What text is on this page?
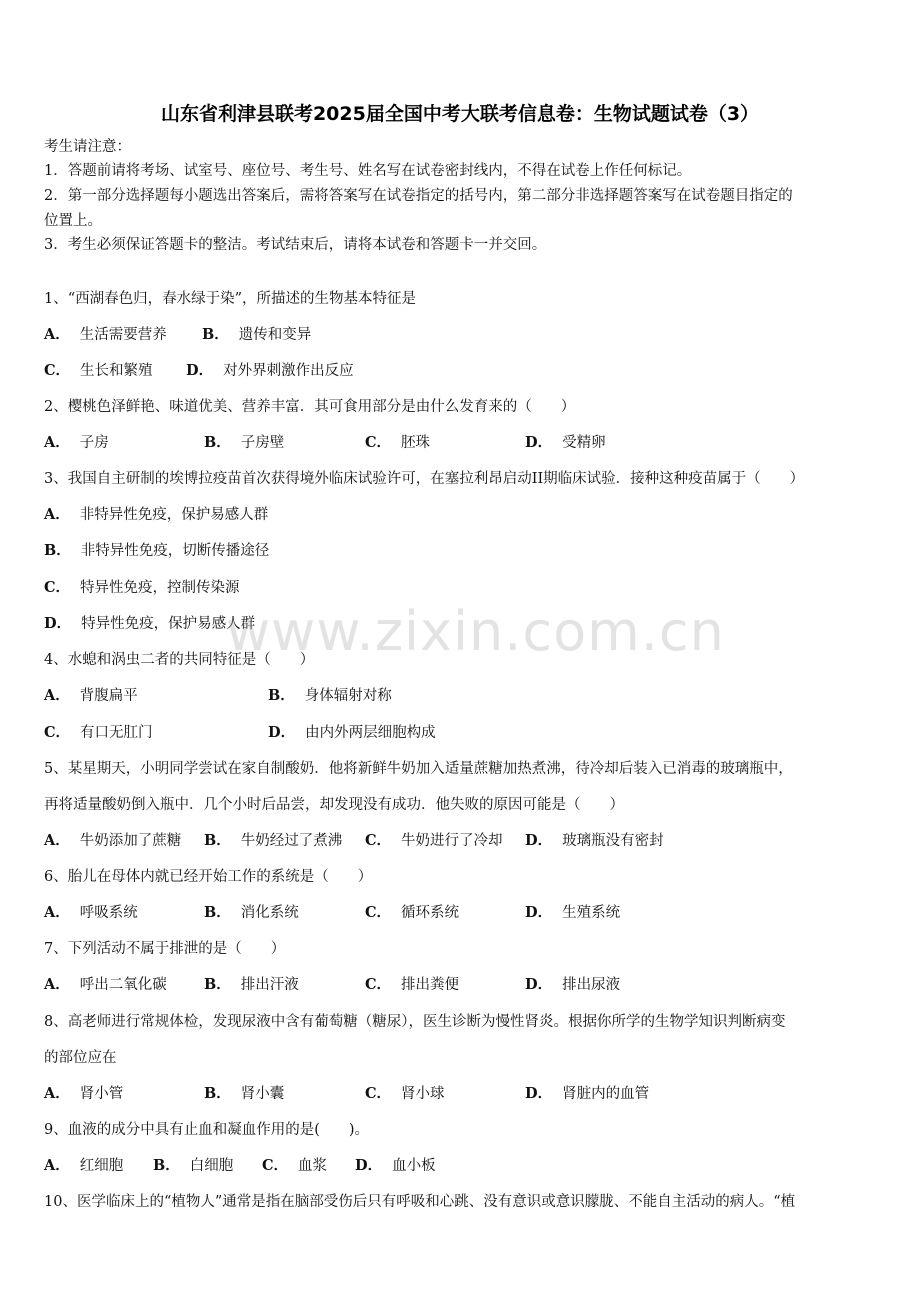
山东省利津县联考2025届全国中考大联考信息卷：生物试题试卷（3）
考生请注意：
1．答题前请将考场、试室号、座位号、考生号、姓名写在试卷密封线内，不得在试卷上作任何标记。
2．第一部分选择题每小题选出答案后，需将答案写在试卷指定的括号内，第二部分非选择题答案写在试卷题目指定的
位置上。
3．考生必须保证答题卡的整洁。考试结束后，请将本试卷和答题卡一并交回。
1、“西湖春色归，春水绿于染”，所描述的生物基本特征是
A． 生活需要营养 B． 遗传和变异
C． 生长和繁殖 D． 对外界刺激作出反应
2、樱桃色泽鲜艳、味道优美、营养丰富．其可食用部分是由什么发育来的（　　）
A． 子房	B． 子房壁	C． 胚珠	D． 受精卵
3、我国自主研制的埃博拉疫苗首次获得境外临床试验许可，在塞拉利昂启动II期临床试验．接种这种疫苗属于（　　）
A． 非特异性免疫，保护易感人群
B． 非特异性免疫，切断传播途径
C． 特异性免疫，控制传染源
D． 特异性免疫，保护易感人群
4、水螅和涡虫二者的共同特征是（　　）
A． 背腹扁平	B． 身体辐射对称
C． 有口无肛门	D． 由内外两层细胞构成
5、某星期天，小明同学尝试在家自制酸奶．他将新鲜牛奶加入适量蔗糖加热煮沸，待冷却后装入已消毒的玻璃瓶中，
再将适量酸奶倒入瓶中．几个小时后品尝，却发现没有成功．他失败的原因可能是（　　）
A． 牛奶添加了蔗糖 B． 牛奶经过了煮沸 C． 牛奶进行了冷却 D． 玻璃瓶没有密封
6、胎儿在母体内就已经开始工作的系统是（　　）
A． 呼吸系统	B． 消化系统	C． 循环系统	D． 生殖系统
7、下列活动不属于排泄的是（　　）
A． 呼出二氧化碳	B． 排出汗液	C． 排出粪便	D． 排出尿液
8、高老师进行常规体检，发现尿液中含有葡萄糖（糖尿），医生诊断为慢性肾炎。根据你所学的生物学知识判断病变
的部位应在
A． 肾小管	B． 肾小囊	C． 肾小球	D． 肾脏内的血管
9、血液的成分中具有止血和凝血作用的是(　　)。
A． 红细胞 B． 白细胞 C． 血浆 D． 血小板
10、医学临床上的“植物人”通常是指在脑部受伤后只有呼吸和心跳、没有意识或意识朦胧、不能自主活动的病人。“植
www.zixin.com.cn
